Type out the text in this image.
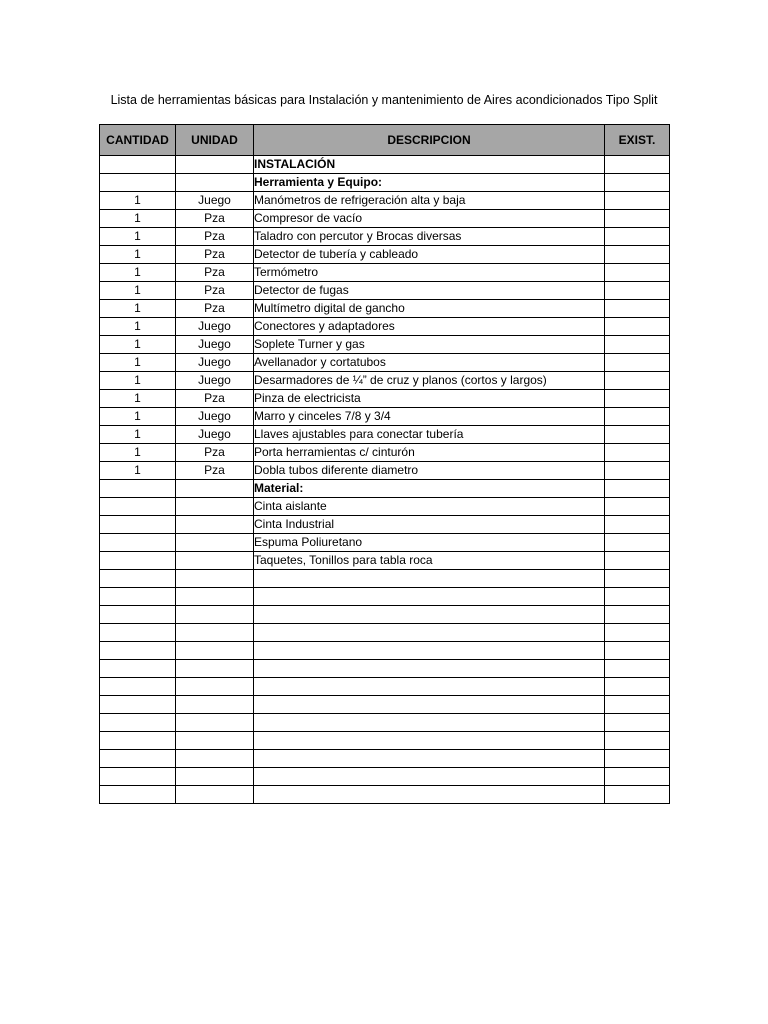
Lista de herramientas básicas para Instalación y mantenimiento de Aires acondicionados Tipo Split
CANTIDAD	UNIDAD	DESCRIPCION	EXIST.
		INSTALACIÓN	
		Herramienta y Equipo:	
1	Juego	Manómetros de refrigeración alta y baja	
1	Pza	Compresor de vacío	
1	Pza	Taladro con percutor y Brocas diversas	
1	Pza	Detector de tubería y cableado	
1	Pza	Termómetro	
1	Pza	Detector de fugas	
1	Pza	Multímetro digital de gancho	
1	Juego	Conectores y adaptadores	
1	Juego	Soplete Turner y gas	
1	Juego	Avellanador y cortatubos	
1	Juego	Desarmadores de ¼” de cruz y planos (cortos y largos)	
1	Pza	Pinza de electricista	
1	Juego	Marro y cinceles 7/8 y 3/4	
1	Juego	Llaves ajustables para conectar tubería	
1	Pza	Porta herramientas c/ cinturón	
1	Pza	Dobla tubos diferente diametro	
		Material:	
		Cinta aislante	
		Cinta Industrial	
		Espuma Poliuretano	
		Taquetes, Tonillos para tabla roca	
